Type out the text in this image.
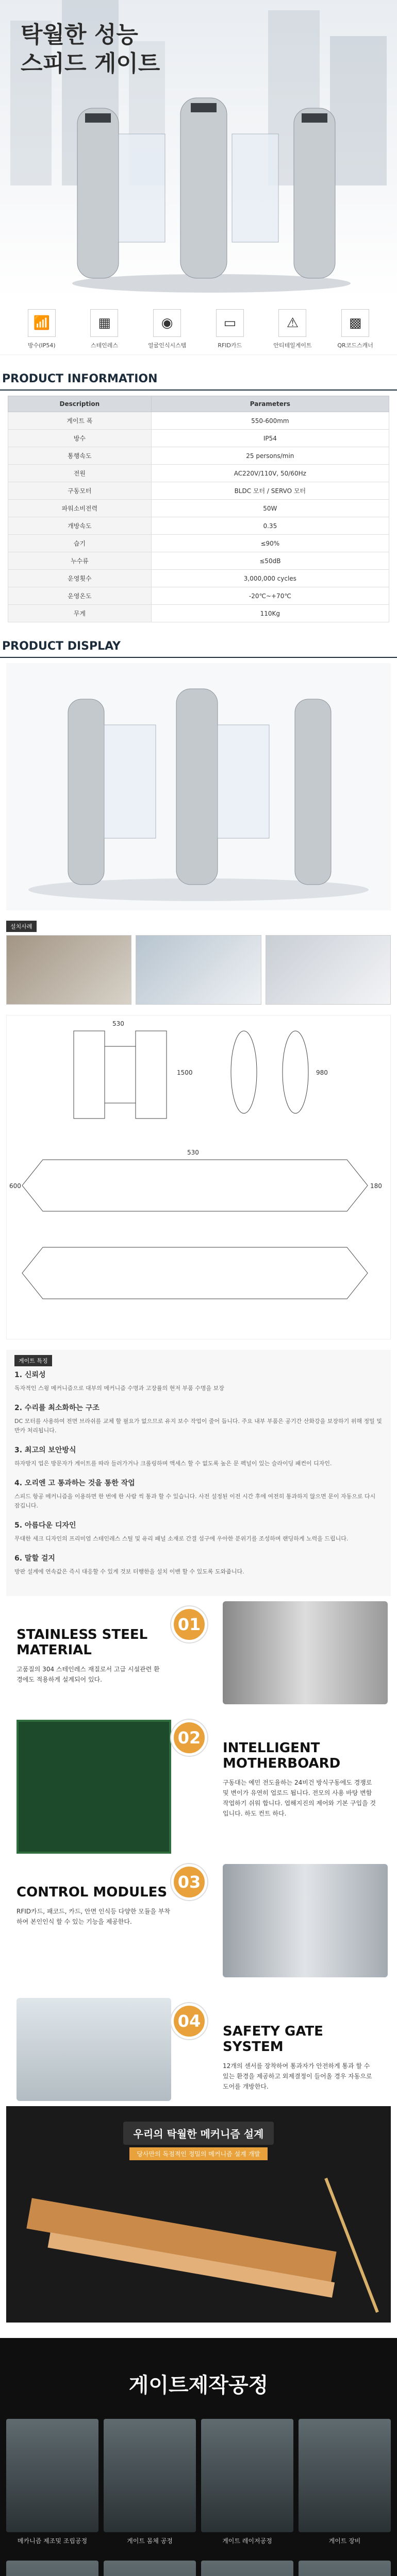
탁월한 성능
스피드 게이트
📶
방수(IP54)
▦
스테인레스
◉
얼굴인식시스템
▭
RFID카드
⚠
안티테일게이트
▩
QR코드스캐너
PRODUCT INFORMATION
Description	Parameters
게이트 폭	550-600mm
방수	IP54
통행속도	25 persons/min
전원	AC220V/110V, 50/60Hz
구동모터	BLDC 모터 / SERVO 모터
파워소비전력	50W
개방속도	0.35
습기	≤90%
누수류	≤50dB
운영횟수	3,000,000 cycles
운영온도	-20℃~+70℃
무게	110Kg
PRODUCT DISPLAY
설치사례
530
1500	980
600
530
180
게이트 특징
1. 신뢰성

독자적인 스윙 메커니즘으로 대부의 메커니즘 수명과 고장률의 현저 부품 수명을 보장

2. 수리를 최소화하는 구조

DC 모터를 사용하여 전면 브라쉬를 교체 할 필요가 없으므로 유지 보수 작업이 줄어 듭니다. 주요 내부 부품은 공기간 산화강을 보장하기 위해 정밀 및 반카 처리됩니다.

3. 최고의 보안방식

하자방지 업은 방문자가 게이트를 따라 들러가거나 크롤링하며 액세스 할 수 없도록 높은 문 펙널이 있는 슬라이딩 패컨이 디자인.

4. 오리엔 고 통과하는 것을 통한 작업

스피드 항공 메커니즘을 이용하면 한 번에 한 사람 씩 통과 할 수 있습니다. 사전 설정된 이전 시간 후에 여전히 통과하지 않으면 문이 자동으로 다시 잠깁니다.

5. 아름다운 디자인

무대한 세크 디자인의 프리미엄 스테인레스 스틸 및 유리 패널 소재로 간결 섬구에 우아한 분위기를 조성하며 랜딩하게 노력을 드립니다.

6. 말할 걸지

방판 설계에 연속값은 즉시 대응할 수 있게 것보 터행한을 설치 이밴 할 수 있도록 도와줍니다.

01
STAINLESS STEEL MATERIAL

고품질의 304 스테인레스 재질로서 고급 시설관련 환경에도 적용하게 설계되어 있다.

02
INTELLIGENT MOTHERBOARD

구동대는 예민 전도율하는 24비건 방식구동에도 경쟁로 및 변이가 유연히 업로드 됩니다. 전모의 사용 바탕 변함 작업하기 쉬워 합니다. 업해지진의 제어와 기본 구입을 것입니다. 하도 컨트 하다.

03
CONTROL MODULES

RFID카드, 패코드, 카드, 안면 인식등 다양한 모듈을 부착하여 본인인식 할 수 있는 기능을 제공한다.

04
SAFETY GATE SYSTEM

12개의 센서를 장착하여 통과자가 안전하게 통과 할 수 있는 환경을 제공하고 외제결정이 들어올 경우 자동으로 도어를 개방한다.

우리의 탁월한 메커니즘 설계
당사만의 독점적인 정밀의 메커니즘 설계 개발
게이트제작공정
메카니즘 제조및 조립공정	게이트 몸체 공정	게이트 레이저공정	게이트 장비
